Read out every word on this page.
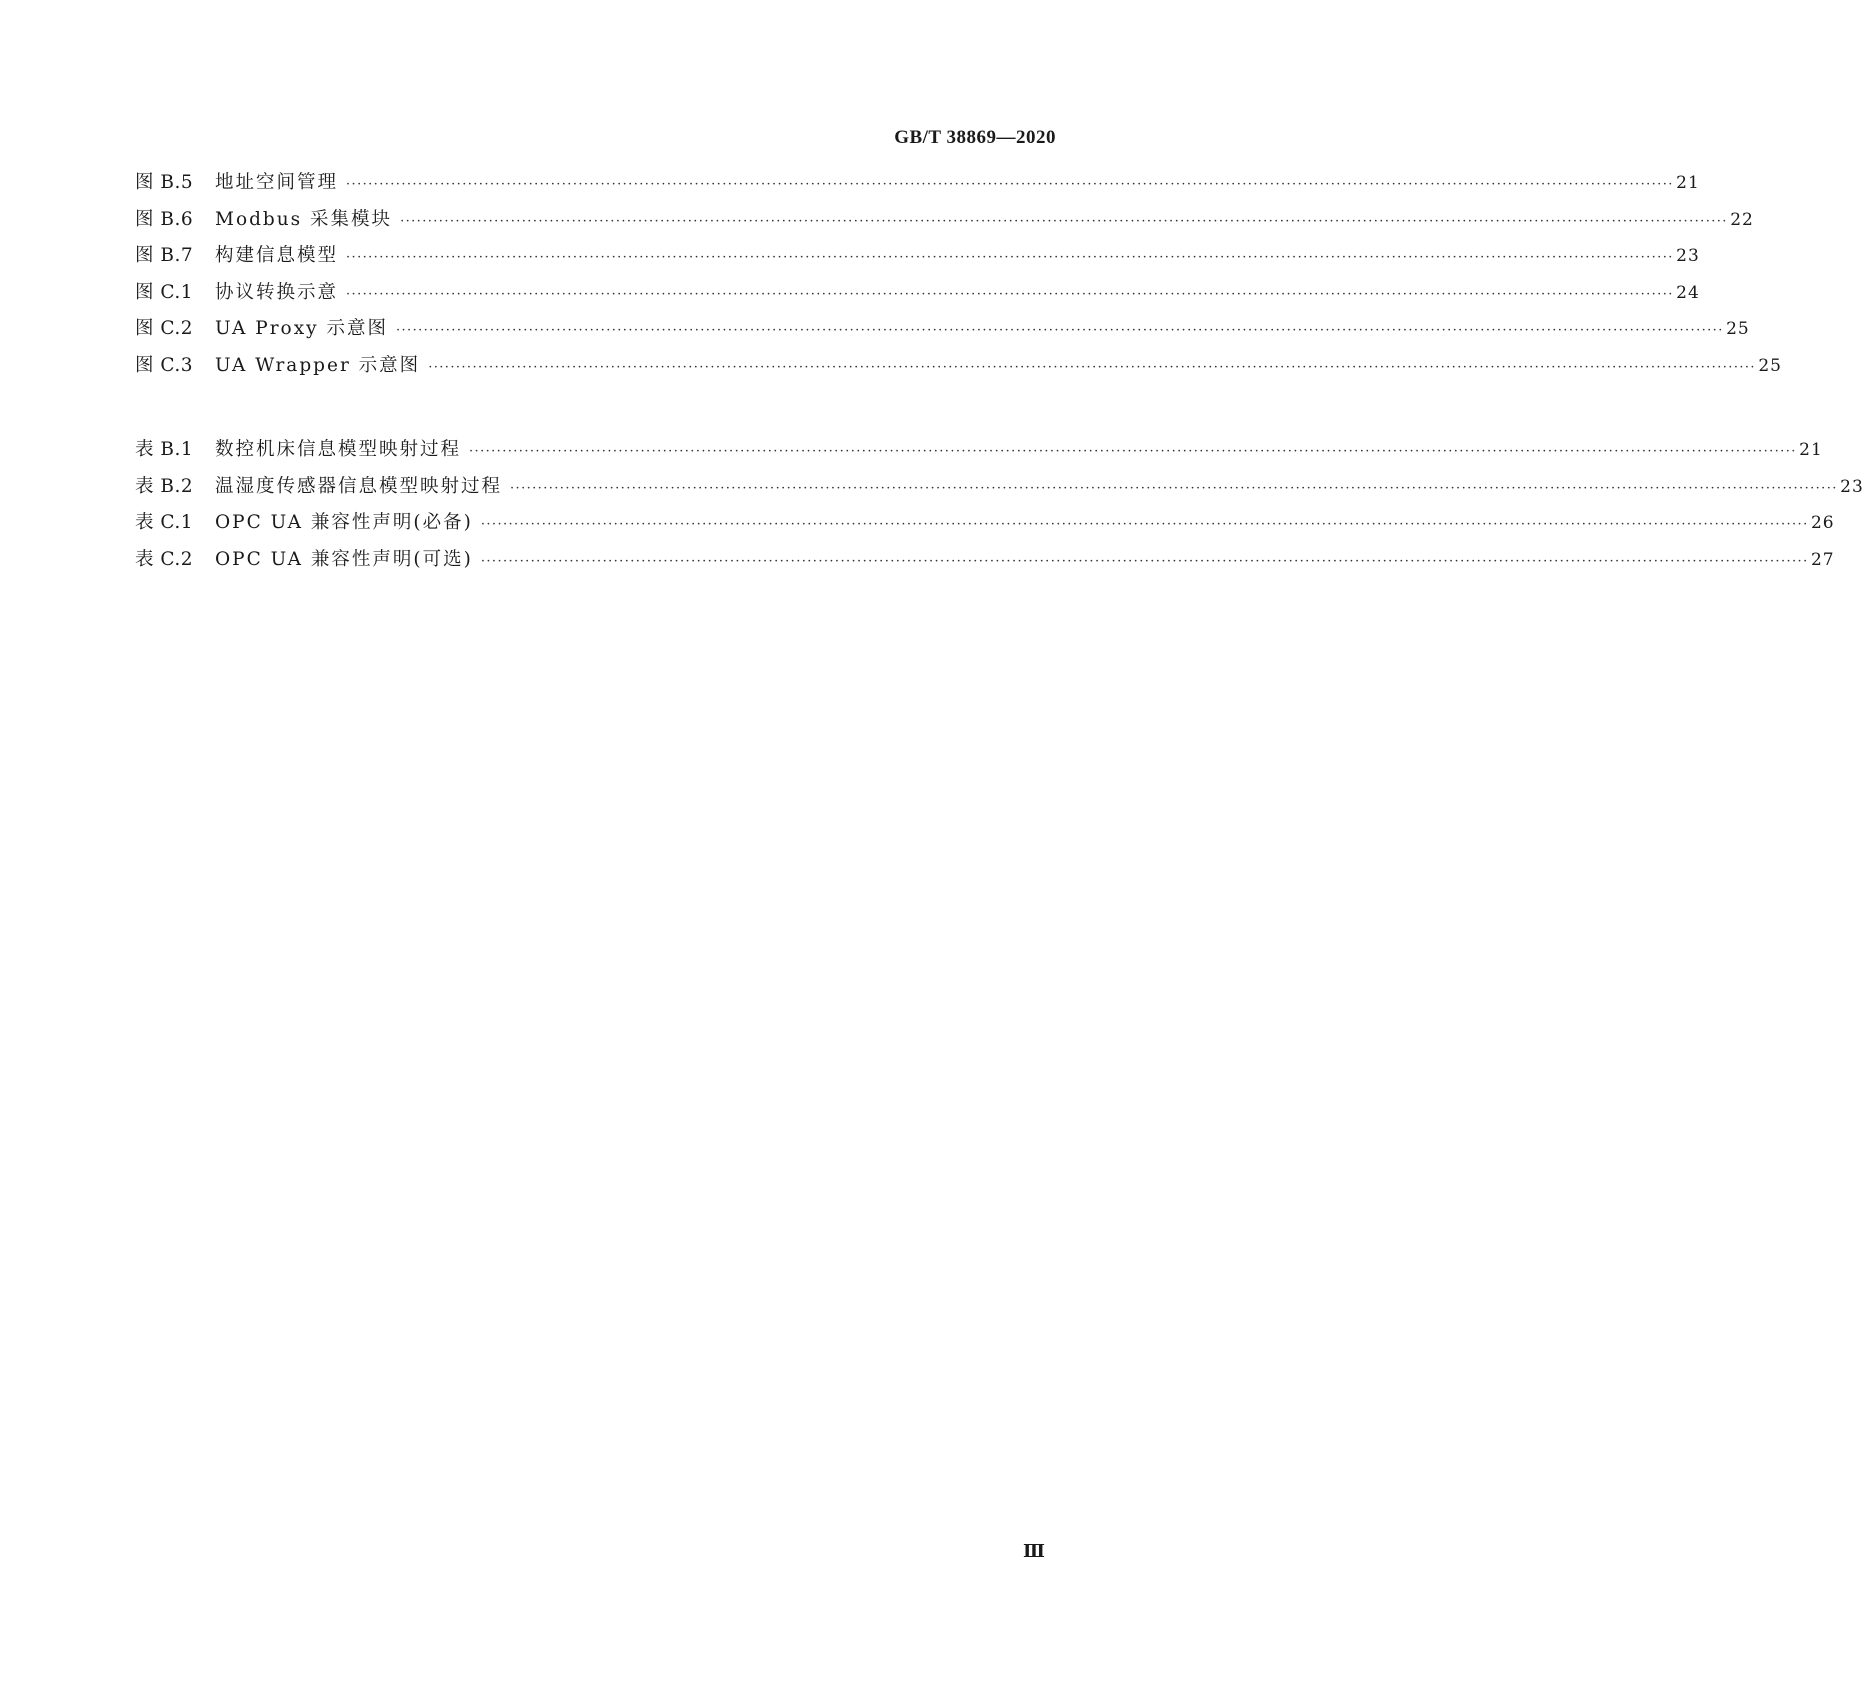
GB/T 38869—2020
图 B.5	地址空间管理 ················································································································································································································································ 21
图 B.6	Modbus 采集模块 ················································································································································································································································ 22
图 B.7	构建信息模型 ················································································································································································································································ 23
图 C.1	协议转换示意 ················································································································································································································································ 24
图 C.2	UA Proxy 示意图 ················································································································································································································································ 25
图 C.3	UA Wrapper 示意图 ················································································································································································································································ 25
表 B.1	数控机床信息模型映射过程 ················································································································································································································································ 21
表 B.2	温湿度传感器信息模型映射过程 ················································································································································································································································ 23
表 C.1	OPC UA 兼容性声明(必备) ················································································································································································································································ 26
表 C.2	OPC UA 兼容性声明(可选) ················································································································································································································································ 27
Ⅲ
